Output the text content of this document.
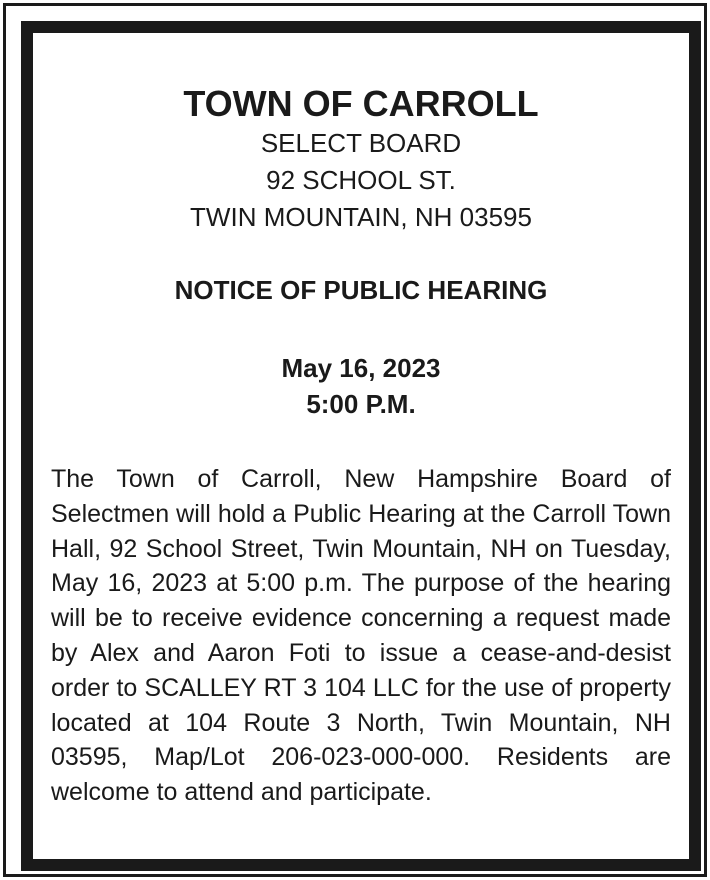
TOWN OF CARROLL

SELECT BOARD

92 SCHOOL ST.

TWIN MOUNTAIN, NH 03595

NOTICE OF PUBLIC HEARING

May 16, 2023

5:00 P.M.

The Town of Carroll, New Hampshire Board of Selectmen will hold a Public Hearing at the Carroll Town Hall, 92 School Street, Twin Mountain, NH on Tuesday, May 16, 2023 at 5:00 p.m. The purpose of the hearing will be to receive evidence concerning a request made by Alex and Aaron Foti to issue a cease-and-desist order to SCALLEY RT 3 104 LLC for the use of property located at 104 Route 3 North, Twin Mountain, NH 03595, Map/Lot 206-023-000-000. Residents are welcome to attend and participate.
